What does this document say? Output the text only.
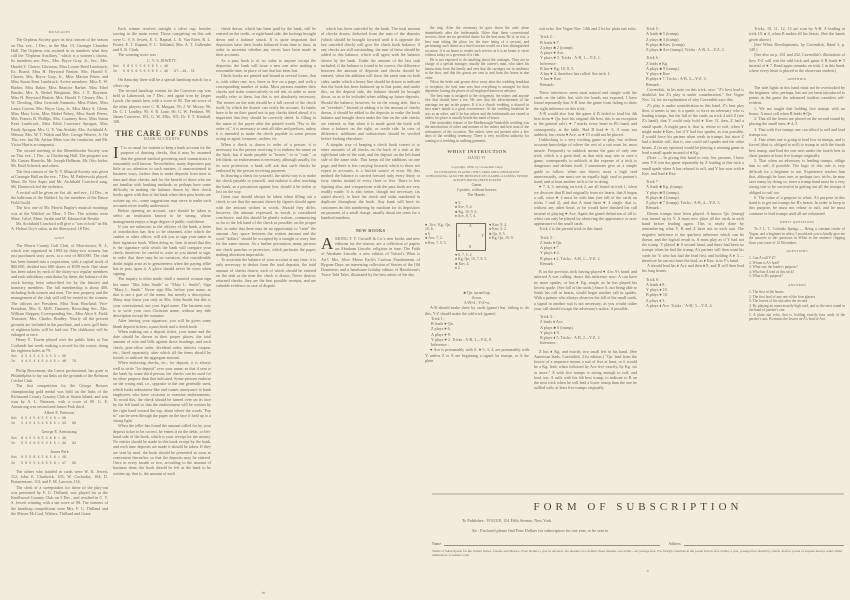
MUSICALES

The Orpheus Society gave its first concert of the season on Thu. eve., 1 Dec., in the Mar. 13, Carnegie Chamber Hall. The Orpheus was assisted in its numbers what they call the "Orpheus Auxiliary," which is a women's chorus. Its members are: Pres., Mrs. Bryce Gray, Jr., Sec., Mrs. Harold Y. Clearer, Librarian, Miss Louise Reed Lumbruck; Ex. Board, Miss H. Heyward Beattie, Mrs. Harold Y. Clearer, Mrs. Bryce Gray, Jr., Miss Marion Peters and Miss Susan Kent Lumbruck. Active members: Miss E. W. Barber, Miss Baker, Miss Beatrice Barber, Miss Ethel Bender, Mrs. A. Bethel Benjamin, Mrs. J. E. Boynton, Miss H. Heyward Beattie, Mrs. Harold Y. Clearer, Mrs. J. W. Dowling, Miss Gertrude Emmons, Miss Fisher, Miss Laura Gowen, Mrs. Bryce Gray, Jr., Miss Mary A. Glenn, Miss Mary Irvin, Miss Mabel Palsey, Miss Sarah Peters, Mrs. Francis R. Phillips, Mrs. Courtney Rose, Miss Susan Kent Lumbruck, Miss Edith Lawrence Sprague, Miss Emily Sprague, Mrs. G. E. Van Arsdale, Mrs. Archibald A. Watson, Mrs. W. T. Walsh and Mrs. George Weaver, Jr. On Thu. eve. last Mr. Arthur Mees was the conductor, and Mr. Victor Harris accompanist.

The second meeting of the Mendelssohn Society was on Thu. eve., 1 Dec., at Chickering Hall. The program was Mr. Gustav Hinrichs, Mr. Joseph Hollman, Mr. Otto Isidor, Mr. Emil Schenck and others.

The first concert of the N. Y. Musical Society was given at Carnegie Hall on the eve., 7 Dec. M. Paderewski played. Mme. De Vere Sapio and Mr. Archibald Crawford sang. Mr. Damrosch led the orchestra.

A recital will be given on Sat. aft. and eve., 14 Dec., in the ballroom of the Waldorf, by the members of the Dance Field Guild.

The first one of Mr. Morris Bagby's musical mornings was at the Waldorf on Mon., 5 Dec. The soloists were Mme. Calvé, Mme. Jardin and M. Edouard de Reszke.

Mr. Archibald Crawford will give a "con o'clock" in Mr. A. Hobart Ury's salon, in the Sherwood, 18 Dec.

GOLF

The Morris County Golf Club, of Morristown, N. J., which was organized in 1894 by thirty-two women, has just purchased sixty acres, at a cost of $60,000. The club has been formed into a corporation, with a capital stock of $60,000, divided into 600 shares of $100 each. One share has been taken by each of the thirty-two regular members and each subsidiary contributor by them; the balance of the stock having been subscribed for by the limited and honorary members. The full membership is about 400, including both women and men. The new property and the management of the club will still be vested in the women. The officers are President, Miss Nina Howland; Vice-President, Mrs. E. McB. Timoney; Recording Sec., Mrs. William Shippen; Corresponding Sec., Miss Alice S. Field; Treasurer, Mrs. Charles Bradley. Nearly all the present grounds are included in the purchase, and a new golf links of eighteen holes will be laid out. The clubhouse will be enlarged at once.

Henry E. Towne played over the public links at Van Cortlandt last week, making a record for the course, doing the eighteen holes in 79.

Out  4 5 4 5 4 5 4 5 3 = 39
In   4 4 5 4 4 5 4 4 5 = 40   79

Philip Bowerman, the Lenox professional, has gone to Philadelphia to lay out links on the grounds of the Belmont Cricket Club.

The first competition for the George Bowers championship gold medal was held on the links of the Richmond County Country Club at Staten Island, and was won by A. L. Paterson, with a score of 89. G. E. Armstrong was second and James Park third.

Albert E. Paterson.

Out  6 5 4 5 6 5 5 4 6 = 46
In   5 4 5 4 5 4 5 6 5 = 43   89

George E. Armstrong.

Out  6 4 5 5 6 5 5 6 6 = 48
In   5 5 4 6 5 5 4 5 5 = 44   92

James Park

Out  6 5 5 6 4 5 6 5 6 = 48
In   5 6 5 5 4 6 5 5 6 = 47   95

The others who handed in cards were W. K. Jewett, 112; John E. Chadwick, 103; W. Cockaday, 104; D. Bonaventure, 113; and F. M. Lawson, 116.

The clerk of a sweepstakes for those of the play-out was presented by F. G. Thilland, was played for at the Knollwood Country Club on 3 Dec., and resulted in C. V. S. Jewett winning with a net score of 98. The winners of the handicap competitions were Mrs. F. G. Thilland and the Misses McCord, Walters, Thilland and Grant.

Each winner receives outright a silver cup, besides scoring in the main event. Those competing on this sub were C. V. S. Jewett, E. C. Rapnal, L. E. Van Etten, R. L. Foster, E. T. Kapnal, F. C. Tothland, Mrs. A. T. Gallender and S. R. Clark.

The winning score was :

C. V. S. JEWETT.

Out  5 6 5 5 5 6 5 6 5 = 48
In   5 6 5 6 5 6 5 6 5 = 49   97--18--79

On Saturday there will be a special handicap match for a silver cup.

The second handicap contest for the Converse cup was held at Lakewood, on 7 Dec., and again won by Jasper Lynch, the match here, with a score of 85. The net score of the other players were C. B. Morgan, 95; J. W. Morey, 96; Dr. C. I. Lindley, 95; S. R. Lane, 96; G. W. Ferdinet, 99; James Converse, 101; G. W. Ellis, 105; Dr. F. T. Kimball, 108.

THE CARE OF FUNDS
BANK ACCOUNTS
I T is so usual for women to keep a bank account for the purpose of drawing checks, that it may be assumed that the general method governing such transactions is reasonably well known. Nevertheless, many depositors pay little or no attention to such matters, if unaccustomed to business ways, further than to make deposits from time to time and draw checks; and for the benefit of those who are not familiar with banking methods, or perhaps have some difficulty in making the balance drawn by their check books agree with that of the bank when their pass books are written up, etc., some suggestions may serve to make such accounts more readily understood.

Before opening an account, care should be taken to select an institution known to be strong, whose management enjoys a large degree of public confidence.

If you are unknown to the officers of the bank, a letter of introduction has first to be obtained, after which the cashier or other officer, will ask you to sign your name in their signature book. When doing so, bear in mind that this is the signature with which the bank will compare your check; therefore, be careful to write as you intend to sign, in order that there may be no variation, else considerable doubt might arise as to genuineness when the paying teller has to pass upon it. A glove should never be worn when signing.

The inquiry is often made, shall a married woman sign her name "Mrs John Smith" or "Mary L. Smith"; Sign "Mary L. Smith." Never sign Mrs. before your name, as that is not a part of the name, but merely a description. Many may know you only as Mrs. John Smith, but this is your conventional, not your legal name. The business way is to write your own Christian name, without any title description except the surname.

After leaving your signature, you will be given some blank deposit tickets, a pass book and a check book.

When making out a deposit ticket, your name and the date should be shown in their proper places, the total amount of coin and bills against those headings, and each check, post-office order, dividend order, interest coupon, etc., listed separately, after which all the items should be footed, to indicate the aggregate amount.

When endorsing checks, etc., for deposit, it is always well to write "for deposit" over your name, so that if sent to the bank by some third person, the checks can be used for no other purpose than that indicated. Some persons endorse on the wrong end, i.e., opposite to the one generally used, which looks unbusiness-like and causes annoyance to bank employees who have occasion to examine endorsements. To avoid this, the check should be turned over on its face by the left hand so that the endorsement will be written by the right hand toward the top, about where the words "Pay to" can be seen through the paper on the face if held up to a strong light.

When the teller has found the amount called for by your deposit ticket to be correct, he enters it on the debit, or left-hand side of the book, which is your receipt for the money. No entries should be made in this book except by the bank, and each time deposits are made it should be taken. If they are sent by mail, the book should be presented as soon as convenient thereafter, so that the deposits may be entered. Once in every month or two, according to the amount of business done, the book should be left at the bank to be written up, that is, the amount of each

check drawn, which has been paid by the bank, will be entered on the credit, or right-hand side, the footings brought down and a balance struck. It is quite important that depositors have their books balanced from time to time, in order to ascertain whether any errors have been made in their accounts.

As a pass book is of no value to anyone except the depositor, the bank will issue a new one after making a reasonable time, in place of one that has been lost.

Check books are printed and bound in several forms, that is, with either one, two, three or five on a page, and with a corresponding number of stubs. Most persons number their checks and stubs consecutively in red ink, in order to more readily refer to them, but this is not absolutely necessary. The entries on the stub should be a full record of the check itself, by which the drawer can verify his account. As banks have to be on their guard not to pay checks dated ahead, it is important that they should be correctly dated. In filling in the name of the payee after the printed words "Pay to the order of," it is necessary to omit all titles and prefixes, unless it is intended to make the check payable to some person acting as agent, treasurer, cashier, etc.

When a check is drawn to order of a person, it is necessary for the person receiving it to endorse his name on the back, but if made payable to "bearer," or to "cash," or left blank, no endorsement is necessary, although usually, for its own protection, a bank will ask that such checks be endorsed by the person receiving payment.

In drawing a check for yourself, the safest way is to make the check payable to yourself, and endorse it after reaching the bank, as a precaution against loss, should it be stolen or lost on the way.

Great care should always be taken when filling out a check to see that the amount shown by figures should agree with the amount written in words. Should they differ, however, the amount expressed in words is considered conclusive, and this should be plainly written, commencing as far to the left hand of the check as possible, on the proper line, in order that there may be no opportunity to "raise" the amount. Any space between the written amount and the word "dollars" should be occupied by a straight or wavy line for the same reason. As a further precaution, many persons use check punches or protectors, which perforate the paper, making alteration impossible.

To ascertain the balance of your account at any time, it is only necessary to deduct from the total deposits, the total amount of checks drawn, each of which should be entered on the stub at the time the check is drawn. Never destroy returned checks; they are the best possible receipts, and are valuable evidence in case of dispute.

which has been canceled by the bank. The total amount of checks drawn, deducted from the sum of the deposits (which should be brought forward until it is opposite the last canceled check) will give the check book balance; if any checks are still outstanding, the sum of these should be added to this balance, which will agree with the balance shown by the bank. Under the amount of the last stub included, if the balance is found to be correct, the difference between the amount of deposits and checks should be entered, when the addition will show the same sum on both sides, under which a heavy line should be drawn to indicate that the book has been balanced up to that point, and under this, on the deposit side, the balance should be brought down, so as to be included when adding up future deposits. Should the balance, however, be on the wrong side, that is an "overdraft." Instead of adding it to the amount of checks drawn, it should be added to the deposits to make the book balance and brought down under the line on the side checks are entered, so that when it is made good the book will show a balance on the right, or credit side. In case of difference, additions and subtractions should be verified before looking elsewhere.

A simpler way of keeping a check book correct is to enter amounts of all checks on the back of a stub at the right-hand side of the stub, and the deposit on the left-hand side of the same stub. This keeps all the additions on one page, and there is less carrying forward, which to those not expert in accounts, is a fruitful source of error. By this method the balance is carried forward only every thirty or forty checks instead of every three or five. There is less figuring also, and comparisons with the pass book are very readily made. It is also better, though not necessary (as stated above), to have the check and stubs numbered in duplicate throughout the book. Any bank will have its customers do this numbering by machine for its depositors on payment of a small charge, usually about ten cents for a hundred numbers.

NEW BOOKS
A MONG T. Y. Crowell & Co.'s new books and new editions for the season, are a collection of papers on Abraham Lincoln, religious in tone, The Faith of Abraham Lincoln; a new edition of Tolstoi's What is Art?; Mrs. Alice Morse Earle's Curious Punishments of Bygone Days; an interesting collection of Stories of the Old Dominion; and a handsome holiday edition of Hawthorne's Twice Told Tales, illustrated by the best artists of the day.

the ring. After the ceremony he goes down the aisle alone immediately after the bridesmaids. Other than these conventional services, there are no specified duties for the best man. He is, in fact, a best man taking the place for the time being of a servant, and performing such duties as a hired servant would on a less distinguished occasion. It is an honor to render such service as it is an honor to serve without salary as a governor of a club.

He is not expected to do anything about the carriages. They are in charge of a special manager, usually the caterer's man, who takes his instructions from the family and sees that the carriages are in readiness at the door, and that the guests are sent to and from the house in due order.

When the bride and groom drive away after the wedding breakfast or reception, the best man sees that everything is arranged for their departure, having the places of all employed known in advance.

The best man is assigned to the clergyman, the ushers and anyone else that should have a fee. He sees that the advertisement of the marriage are put in the papers. If it is a church wedding, a chancel in best man's hands is a great convenience. At the wedding breakfast he acts as an usher, and if he has ushers and the bridesmaids are seated at tables, his place is usually beside the maid of honor.

One noticeable feature of the Marlborough-Vanderbilt wedding was the introduction of robes and manner of the ushers and best man of the seriousness of the occasion. The ushers were not present after a few days of the wedding ceremony. There is very excellent authority for coming to a wedding in walking garments.

WHIST INSTRUCTION
HAND VI

Copyright, 1896, by Cavendish Clapp

ILLUSTRATING PLACING THE CARDS AND CONSEQUENT UNBLOCKING; ALSO THE PRINCIPLE OF LEADING A LOSING TRUMP, ALWAYS HAVING BEEN PLAYED

Game,

2 points, without honors.

The Hands :

♥ 3.
♠ Ace, 9, 4.
♣ Kg, 10, 9, 6.
♦ Ace, 8, 7, 4.
♥ Ace, Kg, Qn, 10, 6.
♠ 6.
♣ Ace, 7, 2.
♦ Knv, 7, 5, 3.
A
Z	Y
B
♥ Knv, 9, 4.
♠ Knv, 3, 2.
♣ Qn, 8, 5.
♦ Kg, Qn, 10, 9.
♥ 8, 7, 5, 2.
♠ Kg, Qn, 10, 7, 8, 5.
♣ Knv, 4.
♦ 2.

♣ Qn. turned up.

Score,

A-B=4 ; Y-Z=o.

A-B should make three by cards (game) but, failing to do this, Y-Z should make the odd trick (game).

Trick 1 :
B leads ♥ Qn.
Z plays ♥ 6.
A plays ♥ 9.
Y plays ♥ 2. Tricks : A-B, 1—Y-Z, 0.
Inference :

♥ Ace is presumably with A. ♥ 5, 3, 4, are presumably with Y, unless Z or A are beginning a signal for trumps, or A the plain

suit echo. See Vogue Nov. 14th and 21st for plain suit echo.

Trick 2 :
B leads ♥ 7.
Z plays ♣ 2 (trump).
A plays ♥ Ace.
Y plays ♥ 5. Tricks : A-B, 1—Y-Z, 1.
Inference :
B has ♥ Kg, 10, 8, 5.
A has ♥ 4, therefore has called. See trick 1.
Y has ♥ Knv.
Remark :

These inferences seem most natural and simple with the cards on the table, but with the hands not exposed, I have found repeatedly that A-B lose the game from failing to draw the right inference on this trick.

A-B would also lose the game if B failed to lead his 4th best from ♥ Qn. (not his original 4th best, this is an exception to the general rule). ♥ 7 marks every heart in B's hand, and consequently, at the table. Had B lead ♥ 5, A must not unblock, but retain ♥ Ace, as ♥ 10 could not be placed.

Unblocking is a very exciting game to play, but without accurate knowledge of where the rest of a suit must be, most unsafe. Frequently to unblock means the gain of only one trick, which is a great deal, as that trick may win or save a game, consequently to unblock at the expense of a trick is dangerous and defeats itself. I sometimes give as a simple guide to follow: when one throws away a high card unnecessarily, one must see an equally high card in partner's hand, and at least another trick to be in doing.

♥ 7, 4, 5, missing on trick 2, are all found in trick 1, when we discover that B had originally from six hearts, that A began a call, since ♥ 4 must be with him (see fall of the cards on tricks 1 and 2), and that A must have ♥ 4 single, that is, without any other heart, or he would have finished his call instead of playing ♥ Ace. Again the grand deduction of all is: whist can only be played by observing the appearance or non-appearance of the small cards.

Trick 2 is the pivotal trick in this hand.

Trick 3 :
Z leads ♦ Qn.
A plays ♦ 7.
Y plays ♦ 4.
B plays ♦ 2. Tricks : A-B, 1—Y-Z, 2.
Remark :

B on the previous trick having played ♥ 4 in A's hand, and inferred A was calling, draws this inference now: A can have no more spades, or has ♦ Kg. single, as he has played his lowest spade. (See fall of the cards.) Since A, not being able to finish his call in hearts, would begin another call in spades. With a partner who always observes the fall of the small cards, a signal in another suit is not necessary, as you would rather your call should escape the adversary's notice, if possible.

Trick 4 :
Z leads ♦ Ace.
A plays ♣ 6 (trump).
Y plays ♦ 9.
B plays ♦ 5. Tricks : A-B, 2—Y-Z, 2.
Inference :

Z has ♦ Kg, and exactly two small left in his hand. (See American leads. Cavendish, 21st edition.) "Qn. lead from the lowest of a sequence means a suit of five at least, or it would be a Kg. lead, when followed by Ace five exactly, by Kg. six or more." A with five trumps is strong enough to ruff, and lead, too. A ruffs with his 4th best trump, to indicate to B on the next trick when he will lead a lower trump than the one he ruffled with; at least five trumps originally.

Trick 5 :
A leads ♣ 5 (trump).
Z plays ♣ 3 (trump).
B plays ♣ Knv. (trump).
Z plays ♣ Ace (trump). Tricks : A-B, 3—Y-Z, 3.
Trick 6 :
Z leads ♦ Kg.
A plays ♣ 9 (trump).
Y plays ♦ Knv.
B plays ♦ 7. Tricks : A-B, 3—Y-Z, 3.
Remark :

Cavendish, in his note on this trick, says: "Z's best lead is doubtful, but Z's play is under consideration." See Vogue Nov. 14, for an explanation of why Cavendish says this.

Z's play is under consideration in this hand. Z's best play then, it seems to me, is a spade, to force an adversary who is leading trumps, but the fall of the cards on trick 4 told Z (see Z's hand), that Y could only hold ♦ Knv. If, then, Z had a small spade, A might pass it, that is, refuse to ruff, when Y might make ♦ Knv., but if Y had two spades, as was possible, Z would force his partner when weak in trumps, but since Z had a double ruff, that is, one could ruff spades and the other hearts. Z (in my opinion) would be playing a winning game to lead a small spade instead of ♦ Kg.

(Note — In giving this hand to very few persons, I have seen Y-Z win the game repeatedly by Z leading at this trick a small spade when A has refused to ruff, and Y has won with ♦ Knv. and lead ♦ Knv.

Trick 7 :
A leads ♣ Kg. (trump).
Y plays ♣ 8 (trump).
B plays ♣ 4 (trump).
Z plays ♣ 7 (trump). Tricks : A-B, 4—Y-Z, 3.
Remark :

Eleven trumps have been played. A knows Qn. (trump) was turned up by Y. A must now place all the cards in each hand before leading again. This is easily done by remembering what Y, B and Z have not in each suit. The negative inference is the quickest inference which can be drawn, and the logical result is, A must play as if Y had not the trump. Y played ♣ 8 second hand, and there had been no trumps when he had the trump, A's partner will then want his cards for Y, who has had the lead first, and holding A ♦ 3 — therefore he can not have the lead, as ♦ Knv. is in Y's hand.

A should lead his ♦ Ace and then ♦ 8, and B will then lead his long hearts.

Trick 8 :
A leads ♦ 8.
Y plays ♦ 10.
B plays ♥ 10.
Z plays ♦ 3.
A plays ♦ Ace. Tricks : 'A-B,' 5—Y-Z, 4.

Tricks, 10, 11, 12, 13 are won by A-B. A leading at trick 10, ♠ 4, when B makes all his hearts. (See the hands given above.)

(See Whist Developments, by Cavendish, Hand 3, p. 149.)

(See also on p. 231 and 232, Cavendish's illustration of how Y-Z will win the odd trick and game if B leads ♥ 5 instead of ♥ 7. Read again remarks on trick 2 in this hand, where every heart is placed to the observant student.)

APPENDIX

The side lights in this hand must not be overlooked by the beginner, who, perhaps, has not yet been introduced to points in the game the advanced student considers self-evident.

1. We are taught that holding five trumps with no honor, A must call when B leads ♥ Qn.

2. That all the hearts are placed on the second round by placing the small ones, ♥ 4, 5.

3. That with five trumps one can afford to ruff and lead trumps too.

4. That when one is going to lead low in trumps, and is forced (that is, obliged to ruff) to trump in with the fourth best trump, and lead the one next under the fourth best to show partner at least five trumps originally.

5. That when an adversary is leading trumps, oblige him to ruff, if possible. The logic of this rule is very difficult for a beginner to see. Experience teaches him that, although he loses one, or perhaps two, tricks, he may save many by doing so, since a trump hand must be a very strong one to be successful in getting out all the trumps if obliged to ruff too.

6. The value of a purpose in whist: A's purpose in this hand is to get out trumps for B's hearts. In order to keep to this purpose, he must not refuse to ruff, and he must continue to lead trumps until all are exhausted.

WHIST QUESTIONS

To J. L. T., Colorado Springs — Being a constant reader of Vogue, and a beginner in whist, I would ask you to kindly give me the answers to the questions in Whist in the sentence clipping from your issue of 14 November.

QUESTIONS
1. Can A call Y-Z?
2. Whom is A's lead?
3. What was the leader's purpose?
4. Who has A lead of this trick?
5. What is B's purpose?
ANSWERS
1. The first of the hearts.
2. The first lead of any one of the four players.
3. The lowest of his suit after the second.
4. By playing an unnecessarily high card, and so the next round in the hand of partner's one.
5. A plain suit echo, that is, holding exactly four cards of the partner's suit, B returns the lowest on A's lead of Ace.
FORM OF SUBSCRIPTION
To Publisher : VOGUE, 154 Fifth Avenue, New York.
Sir : Enclosed please find Four Dollars for subscription for one year, to be sent to
Name	Address
Terms of Subscription for the United States, Canada and Mexico, Four Dollars a year in advance; six months, two dollars; three months, one dollar—all postage free. For foreign countries in the postal Union, five dollars a year, postage free. Remit by check, draft or postal or express money order. Other remittances at sender's risk.
iv
v
